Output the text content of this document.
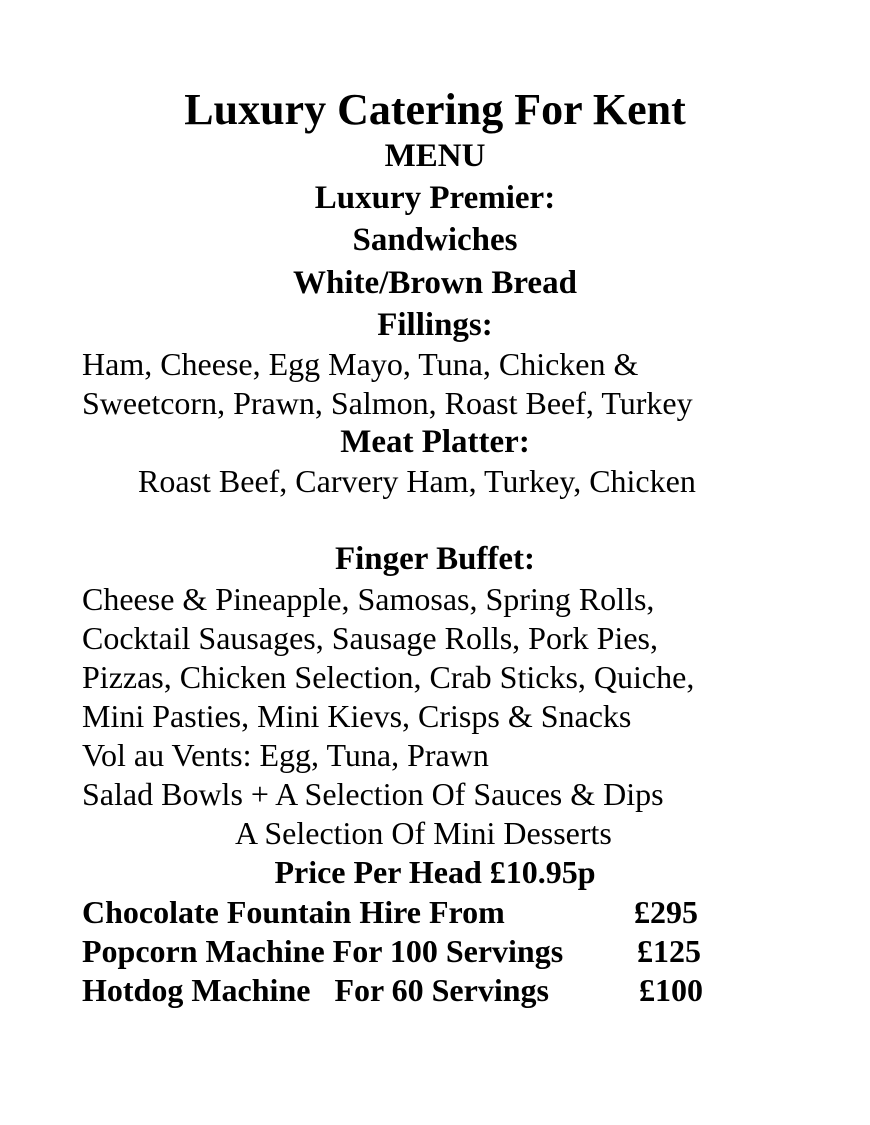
Luxury Catering For Kent
MENU
Luxury Premier:
Sandwiches
White/Brown Bread
Fillings:
Ham, Cheese, Egg Mayo, Tuna, Chicken &
Sweetcorn, Prawn, Salmon, Roast Beef, Turkey
Meat Platter:
Roast Beef, Carvery Ham, Turkey, Chicken
Finger Buffet:
Cheese & Pineapple, Samosas, Spring Rolls,
Cocktail Sausages, Sausage Rolls, Pork Pies,
Pizzas, Chicken Selection, Crab Sticks, Quiche,
Mini Pasties, Mini Kievs, Crisps & Snacks
Vol au Vents: Egg, Tuna, Prawn
Salad Bowls + A Selection Of Sauces & Dips
A Selection Of Mini Desserts
Price Per Head £10.95p
Chocolate Fountain Hire From	£295
Popcorn Machine For 100 Servings £125
Hotdog Machine   For 60 Servings	£100
